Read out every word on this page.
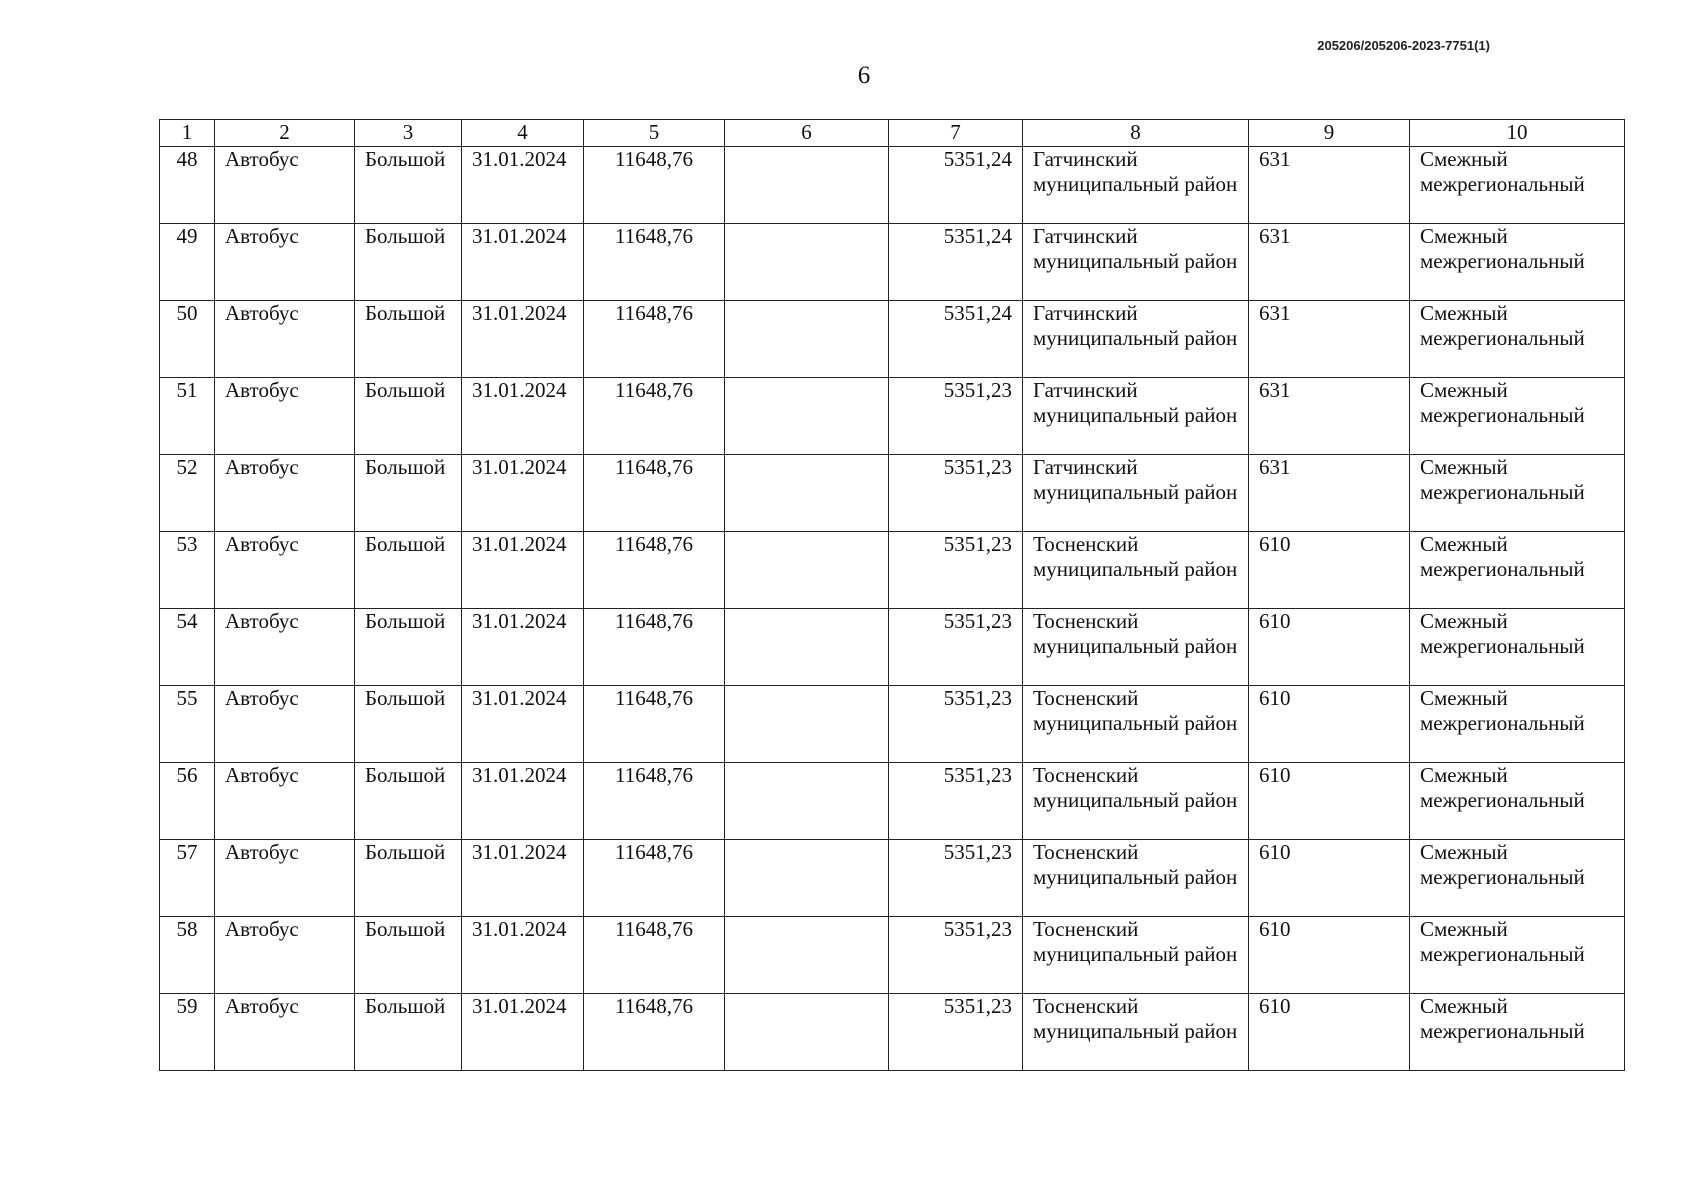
205206/205206-2023-7751(1)
6
1	2	3	4	5	6	7	8	9	10
48	Автобус	Большой	31.01.2024	11648,76		5351,24	Гатчинский муниципальный район	631	Смежный межрегиональный
49	Автобус	Большой	31.01.2024	11648,76		5351,24	Гатчинский муниципальный район	631	Смежный межрегиональный
50	Автобус	Большой	31.01.2024	11648,76		5351,24	Гатчинский муниципальный район	631	Смежный межрегиональный
51	Автобус	Большой	31.01.2024	11648,76		5351,23	Гатчинский муниципальный район	631	Смежный межрегиональный
52	Автобус	Большой	31.01.2024	11648,76		5351,23	Гатчинский муниципальный район	631	Смежный межрегиональный
53	Автобус	Большой	31.01.2024	11648,76		5351,23	Тосненский муниципальный район	610	Смежный межрегиональный
54	Автобус	Большой	31.01.2024	11648,76		5351,23	Тосненский муниципальный район	610	Смежный межрегиональный
55	Автобус	Большой	31.01.2024	11648,76		5351,23	Тосненский муниципальный район	610	Смежный межрегиональный
56	Автобус	Большой	31.01.2024	11648,76		5351,23	Тосненский муниципальный район	610	Смежный межрегиональный
57	Автобус	Большой	31.01.2024	11648,76		5351,23	Тосненский муниципальный район	610	Смежный межрегиональный
58	Автобус	Большой	31.01.2024	11648,76		5351,23	Тосненский муниципальный район	610	Смежный межрегиональный
59	Автобус	Большой	31.01.2024	11648,76		5351,23	Тосненский муниципальный район	610	Смежный межрегиональный
